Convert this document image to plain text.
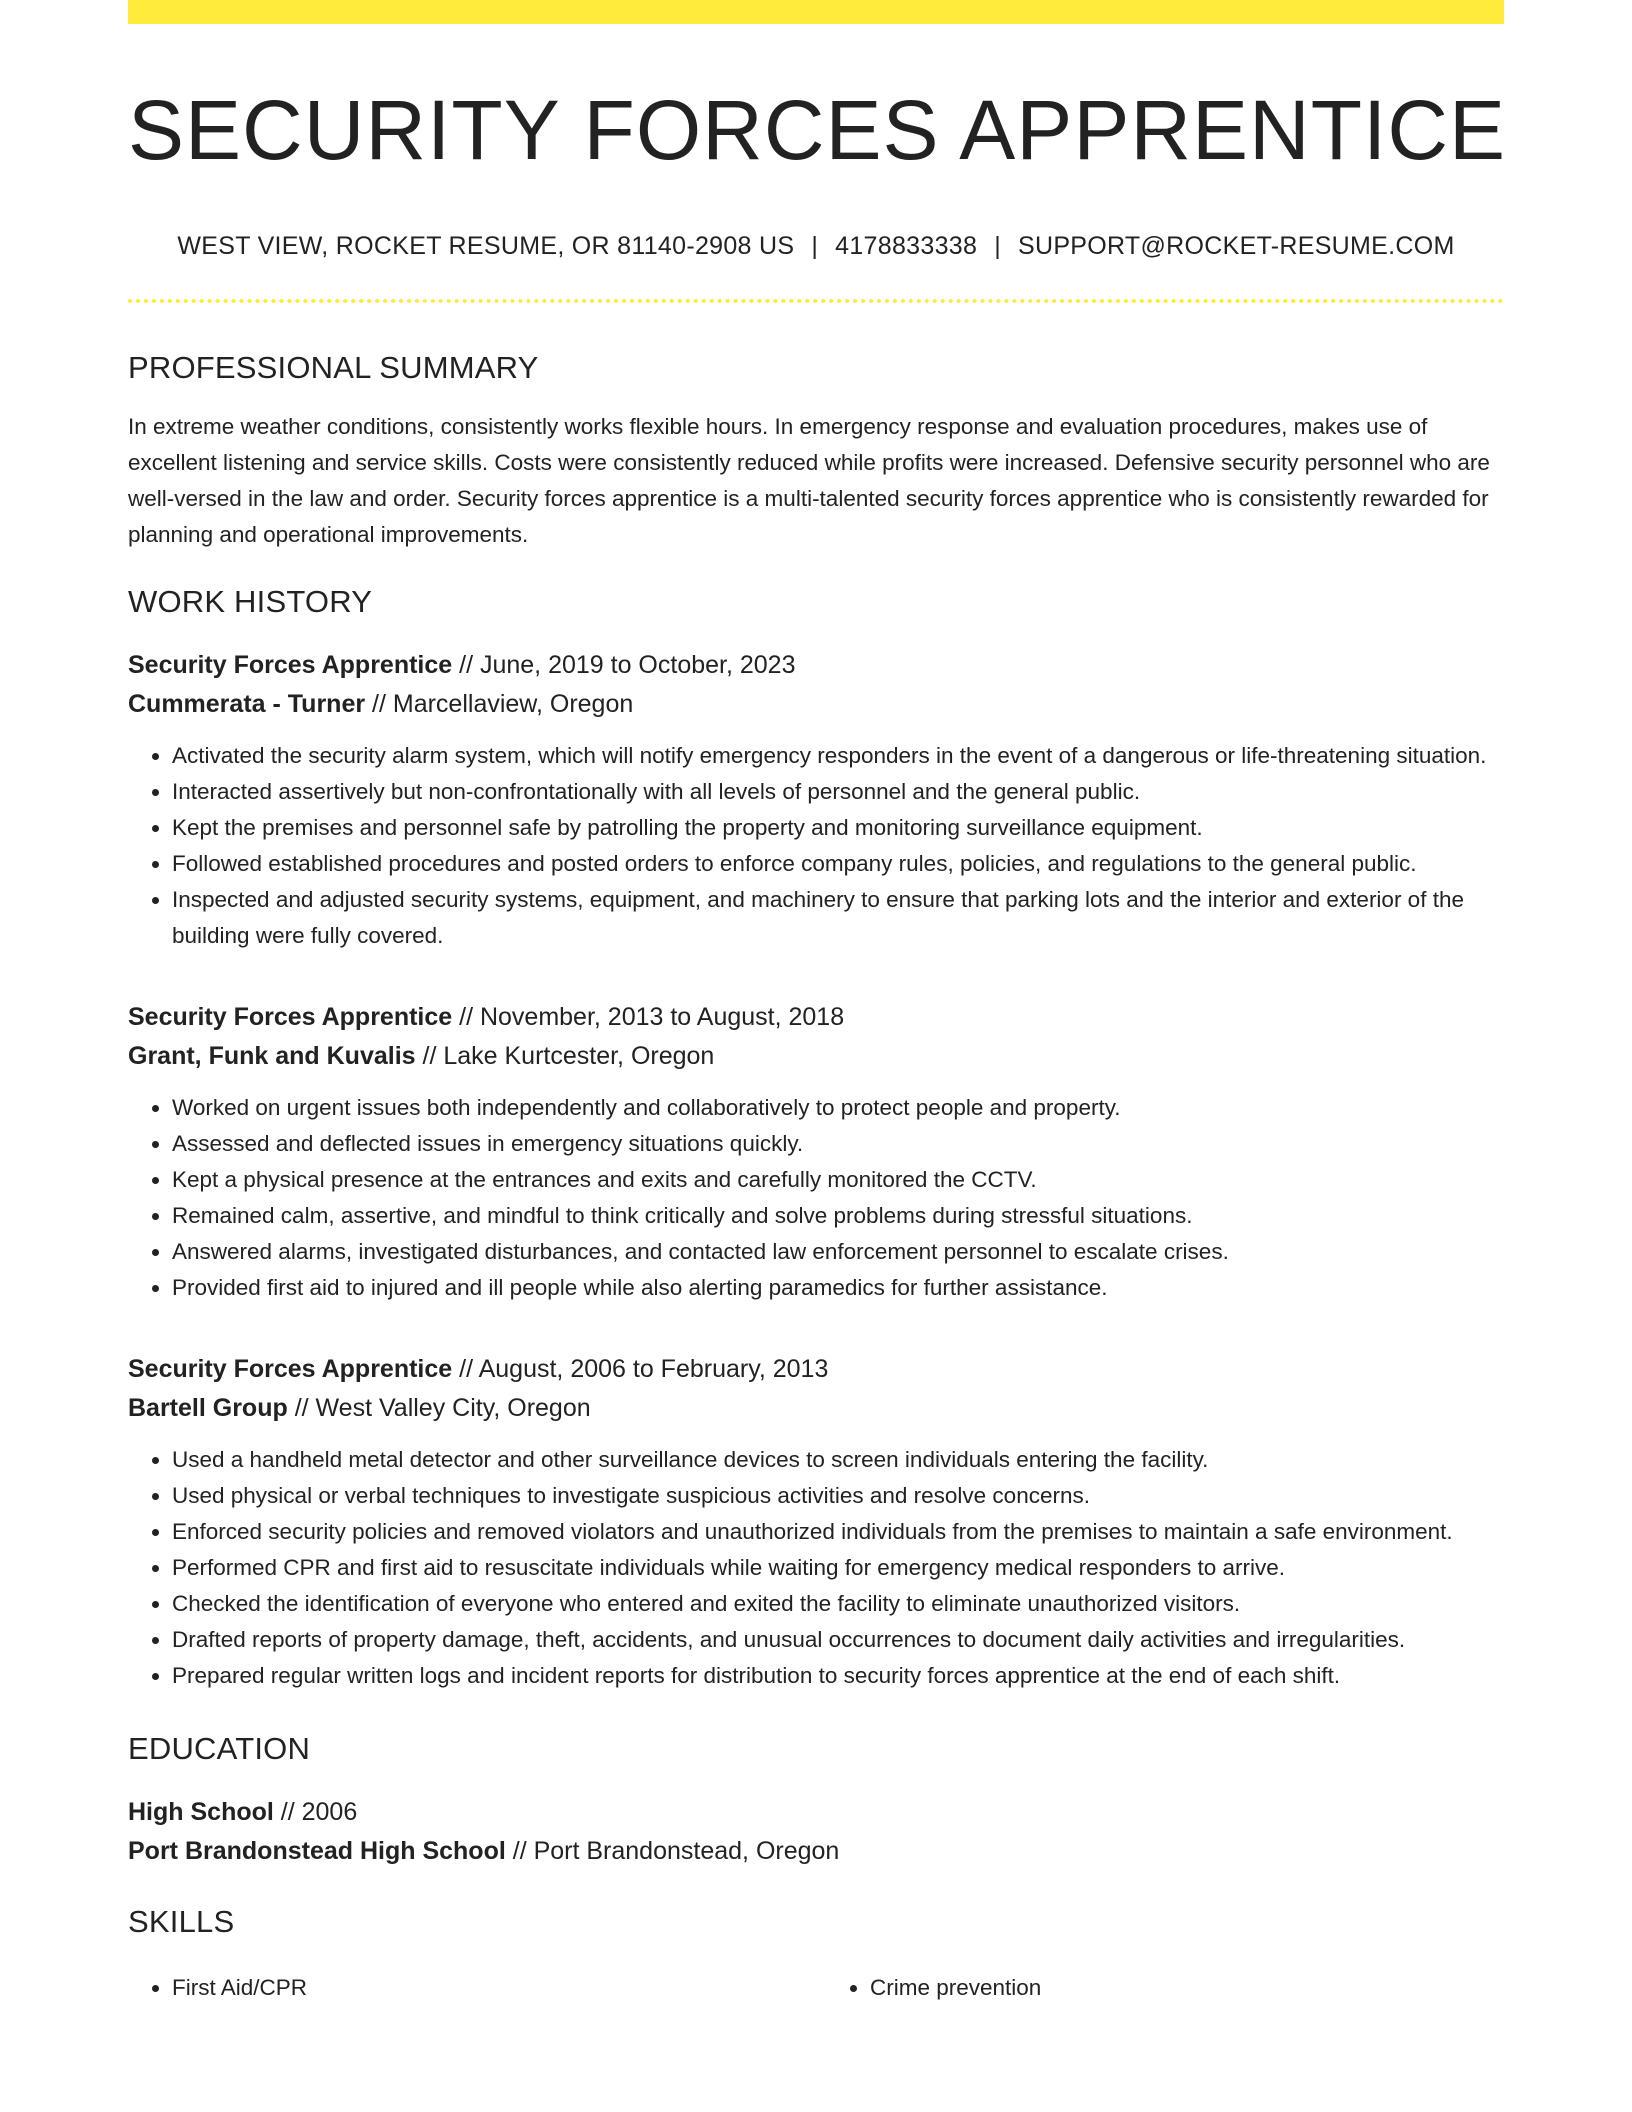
SECURITY FORCES APPRENTICE
WEST VIEW, ROCKET RESUME, OR 81140-2908 US | 4178833338 | SUPPORT@ROCKET-RESUME.COM
PROFESSIONAL SUMMARY
In extreme weather conditions, consistently works flexible hours. In emergency response and evaluation procedures, makes use of excellent listening and service skills. Costs were consistently reduced while profits were increased. Defensive security personnel who are well-versed in the law and order. Security forces apprentice is a multi-talented security forces apprentice who is consistently rewarded for planning and operational improvements.
WORK HISTORY
Security Forces Apprentice // June, 2019 to October, 2023
Cummerata - Turner // Marcellaview, Oregon
• Activated the security alarm system, which will notify emergency responders in the event of a dangerous or life-threatening situation.
• Interacted assertively but non-confrontationally with all levels of personnel and the general public.
• Kept the premises and personnel safe by patrolling the property and monitoring surveillance equipment.
• Followed established procedures and posted orders to enforce company rules, policies, and regulations to the general public.
• Inspected and adjusted security systems, equipment, and machinery to ensure that parking lots and the interior and exterior of the building were fully covered.
Security Forces Apprentice // November, 2013 to August, 2018
Grant, Funk and Kuvalis // Lake Kurtcester, Oregon
• Worked on urgent issues both independently and collaboratively to protect people and property.
• Assessed and deflected issues in emergency situations quickly.
• Kept a physical presence at the entrances and exits and carefully monitored the CCTV.
• Remained calm, assertive, and mindful to think critically and solve problems during stressful situations.
• Answered alarms, investigated disturbances, and contacted law enforcement personnel to escalate crises.
• Provided first aid to injured and ill people while also alerting paramedics for further assistance.
Security Forces Apprentice // August, 2006 to February, 2013
Bartell Group // West Valley City, Oregon
• Used a handheld metal detector and other surveillance devices to screen individuals entering the facility.
• Used physical or verbal techniques to investigate suspicious activities and resolve concerns.
• Enforced security policies and removed violators and unauthorized individuals from the premises to maintain a safe environment.
• Performed CPR and first aid to resuscitate individuals while waiting for emergency medical responders to arrive.
• Checked the identification of everyone who entered and exited the facility to eliminate unauthorized visitors.
• Drafted reports of property damage, theft, accidents, and unusual occurrences to document daily activities and irregularities.
• Prepared regular written logs and incident reports for distribution to security forces apprentice at the end of each shift.
EDUCATION
High School // 2006
Port Brandonstead High School // Port Brandonstead, Oregon
SKILLS
• First Aid/CPR
•	Crime prevention
